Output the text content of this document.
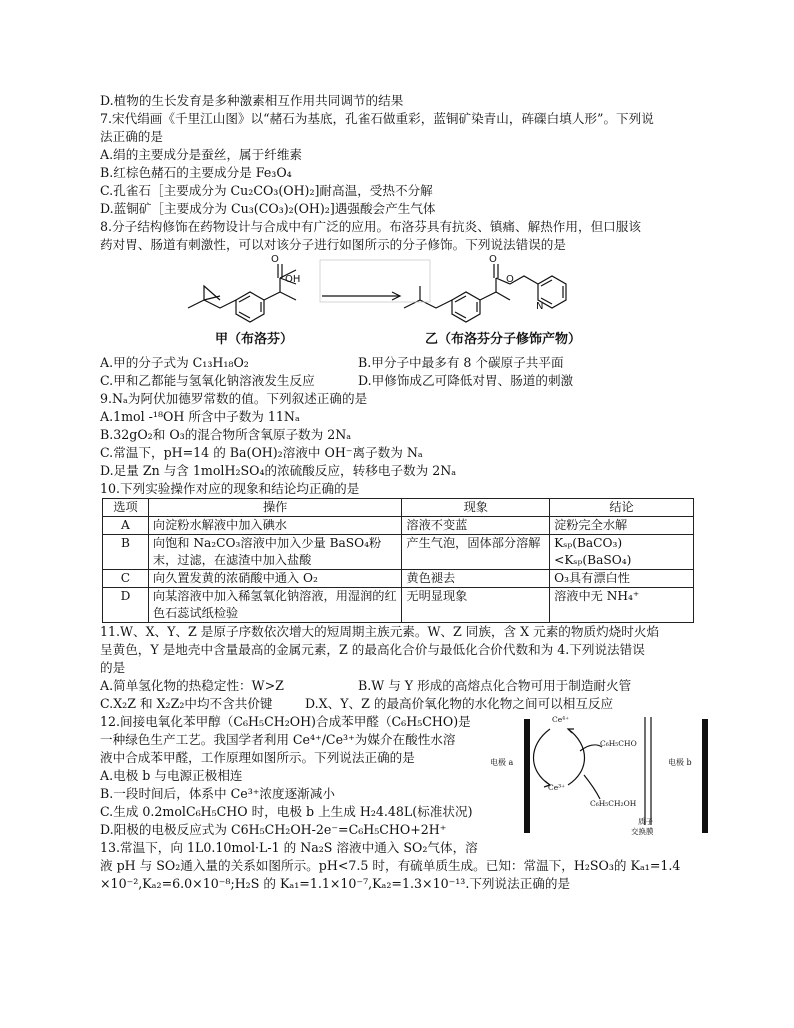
D.植物的生长发育是多种激素相互作用共同调节的结果
7.宋代绢画《千里江山图》以“赭石为基底，孔雀石做重彩，蓝铜矿染青山，砗磲白填人形”。下列说
法正确的是
A.绢的主要成分是蚕丝，属于纤维素
B.红棕色赭石的主要成分是 Fe₃O₄
C.孔雀石［主要成分为 Cu₂CO₃(OH)₂]耐高温，受热不分解
D.蓝铜矿［主要成分为 Cu₃(CO₃)₂(OH)₂]遇强酸会产生气体
8.分子结构修饰在药物设计与合成中有广泛的应用。布洛芬具有抗炎、镇痛、解热作用，但口服该
药对胃、肠道有刺激性，可以对该分子进行如图所示的分子修饰。下列说法错误的是
OH
O	O
O
N
甲（布洛芬）	乙（布洛芬分子修饰产物）
A.甲的分子式为 C₁₃H₁₈O₂	B.甲分子中最多有 8 个碳原子共平面
C.甲和乙都能与氢氧化钠溶液发生反应	D.甲修饰成乙可降低对胃、肠道的刺激
9.Nₐ为阿伏加德罗常数的值。下列叙述正确的是
A.1mol -¹⁸OH 所含中子数为 11Nₐ
B.32gO₂和 O₃的混合物所含氧原子数为 2Nₐ
C.常温下，pH=14 的 Ba(OH)₂溶液中 OH⁻离子数为 Nₐ
D.足量 Zn 与含 1molH₂SO₄的浓硫酸反应，转移电子数为 2Nₐ
10.下列实验操作对应的现象和结论均正确的是
选项	操作	现象	结论
A	向淀粉水解液中加入碘水	溶液不变蓝	淀粉完全水解
B	向饱和 Na₂CO₃溶液中加入少量 BaSO₄粉末，过滤，在滤渣中加入盐酸	产生气泡，固体部分溶解	Kₛₚ(BaCO₃)<Kₛₚ(BaSO₄)
C	向久置发黄的浓硝酸中通入 O₂	黄色褪去	O₃具有漂白性
D	向某溶液中加入稀氢氧化钠溶液，用湿润的红色石蕊试纸检验	无明显现象	溶液中无 NH₄⁺
11.W、X、Y、Z 是原子序数依次增大的短周期主族元素。W、Z 同族，含 X 元素的物质灼烧时火焰
呈黄色，Y 是地壳中含量最高的金属元素，Z 的最高化合价与最低化合价代数和为 4.下列说法错误
的是
A.简单氢化物的热稳定性：W>Z	B.W 与 Y 形成的高熔点化合物可用于制造耐火管
C.X₂Z 和 X₂Z₂中均不含共价键	D.X、Y、Z 的最高价氧化物的水化物之间可以相互反应
12.间接电氧化苯甲醇（C₆H₅CH₂OH)合成苯甲醛（C₆H₅CHO)是
一种绿色生产工艺。我国学者利用 Ce⁴⁺/Ce³⁺为媒介在酸性水溶
液中合成苯甲醛，工作原理如图所示。下列说法正确的是
A.电极 b 与电源正极相连
B.一段时间后，体系中 Ce³⁺浓度逐渐减小
C.生成 0.2molC₆H₅CHO 时，电极 b 上生成 H₂4.48L(标准状况)
D.阳极的电极反应式为 C6H₅CH₂OH-2e⁻=C₆H₅CHO+2H⁺
13.常温下，向 1L0.10mol·L-1 的 Na₂S 溶液中通入 SO₂气体，溶
Ce⁴⁺
Ce³⁺
C₆H₅CHO
C₆H₅CH₂OH
电极 a	电极 b
质子
交换膜
液 pH 与 SO₂通入量的关系如图所示。pH<7.5 时，有硫单质生成。已知：常温下，H₂SO₃的 Kₐ₁=1.4
×10⁻²,Kₐ₂=6.0×10⁻⁸;H₂S 的 Kₐ₁=1.1×10⁻⁷,Kₐ₂=1.3×10⁻¹³.下列说法正确的是
